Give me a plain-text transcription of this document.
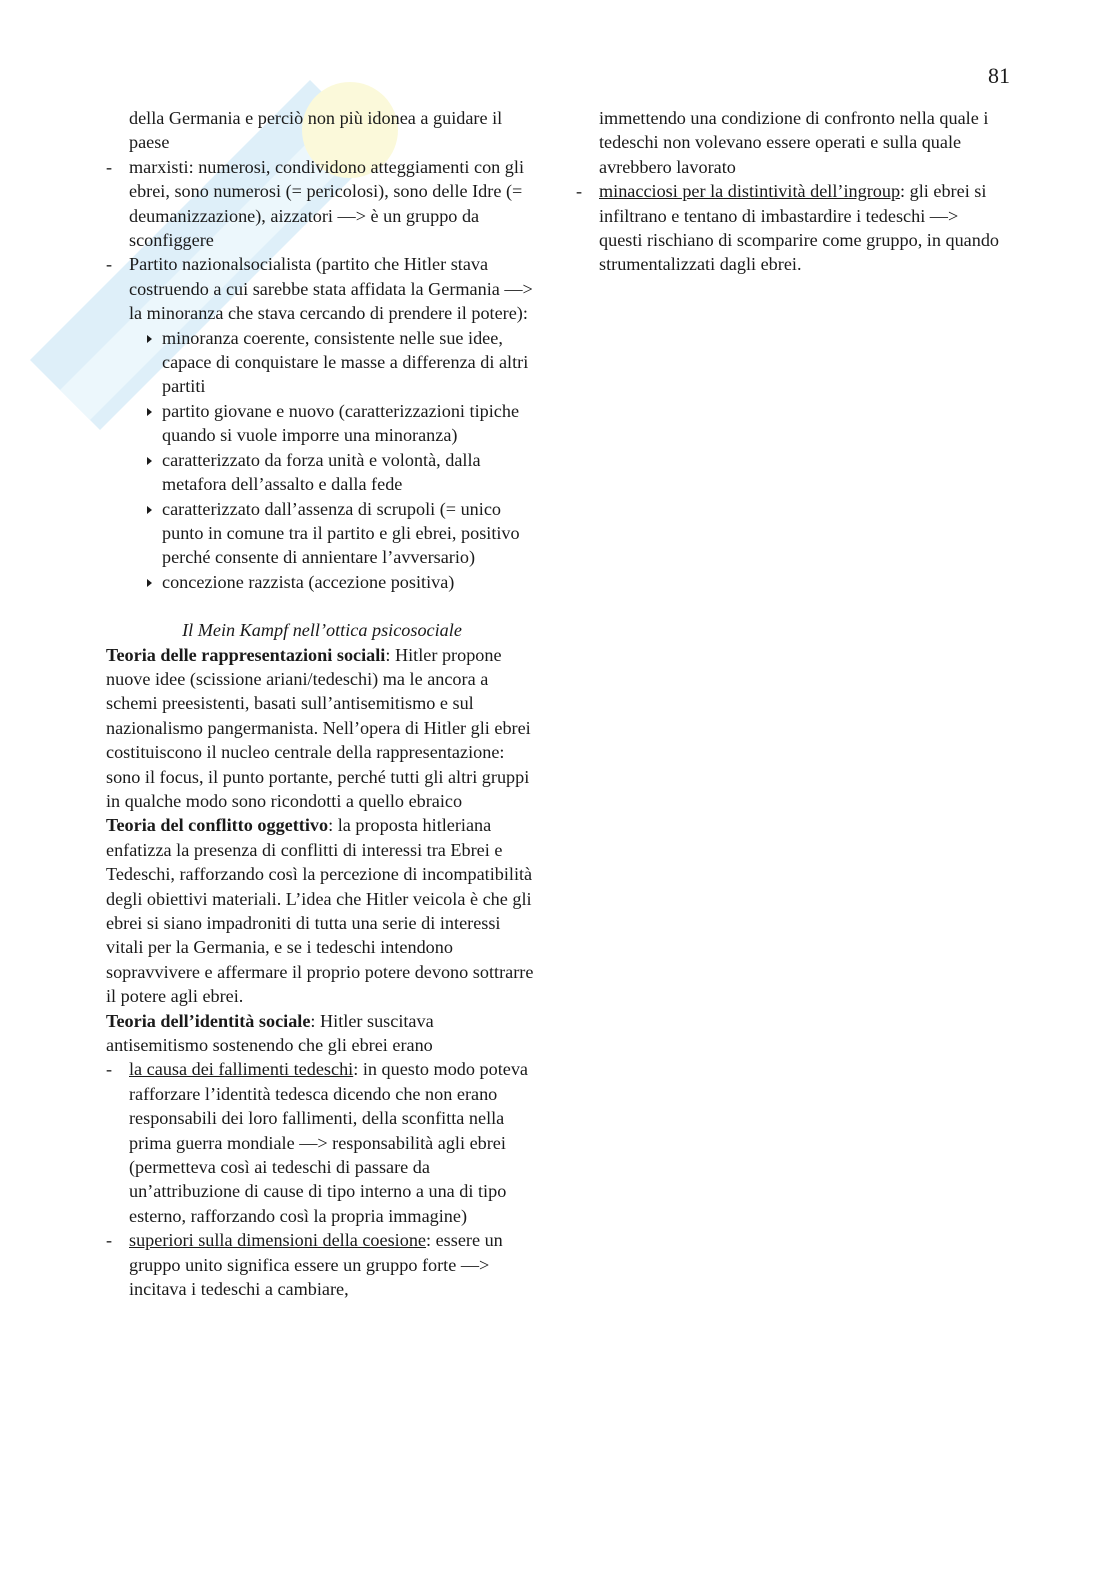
81

della Germania e perciò non più idonea a guidare il paese

- marxisti: numerosi, condividono atteggiamenti con gli ebrei, sono numerosi (= pericolosi), sono delle Idre (= deumanizzazione), aizzatori —> è un gruppo da sconfiggere
- Partito nazionalsocialista (partito che Hitler stava costruendo a cui sarebbe stata affidata la Germania —> la minoranza che stava cercando di prendere il potere):
minoranza coerente, consistente nelle sue idee, capace di conquistare le masse a differenza di altri partiti
partito giovane e nuovo (caratterizzazioni tipiche quando si vuole imporre una minoranza)
caratterizzato da forza unità e volontà, dalla metafora dell’assalto e dalla fede
caratterizzato dall’assenza di scrupoli (= unico punto in comune tra il partito e gli ebrei, positivo perché consente di annientare l’avversario)
concezione razzista (accezione positiva)

Il Mein Kampf nell’ottica psicosociale

Teoria delle rappresentazioni sociali: Hitler propone nuove idee (scissione ariani/tedeschi) ma le ancora a schemi preesistenti, basati sull’antisemitismo e sul nazionalismo pangermanista. Nell’opera di Hitler gli ebrei costituiscono il nucleo centrale della rappresentazione: sono il focus, il punto portante, perché tutti gli altri gruppi in qualche modo sono ricondotti a quello ebraico

Teoria del conflitto oggettivo: la proposta hitleriana enfatizza la presenza di conflitti di interessi tra Ebrei e Tedeschi, rafforzando così la percezione di incompatibilità degli obiettivi materiali. L’idea che Hitler veicola è che gli ebrei si siano impadroniti di tutta una serie di interessi vitali per la Germania, e se i tedeschi intendono sopravvivere e affermare il proprio potere devono sottrarre il potere agli ebrei.

Teoria dell’identità sociale: Hitler suscitava antisemitismo sostenendo che gli ebrei erano

- la causa dei fallimenti tedeschi: in questo modo poteva rafforzare l’identità tedesca dicendo che non erano responsabili dei loro fallimenti, della sconfitta nella prima guerra mondiale —> responsabilità agli ebrei (permetteva così ai tedeschi di passare da un’attribuzione di cause di tipo interno a una di tipo esterno, rafforzando così la propria immagine)
- superiori sulla dimensioni della coesione: essere un gruppo unito significa essere un gruppo forte —> incitava i tedeschi a cambiare,

immettendo una condizione di confronto nella quale i tedeschi non volevano essere operati e sulla quale avrebbero lavorato

- minacciosi per la distintività dell’ingroup: gli ebrei si infiltrano e tentano di imbastardire i tedeschi —> questi rischiano di scomparire come gruppo, in quando strumentalizzati dagli ebrei.
